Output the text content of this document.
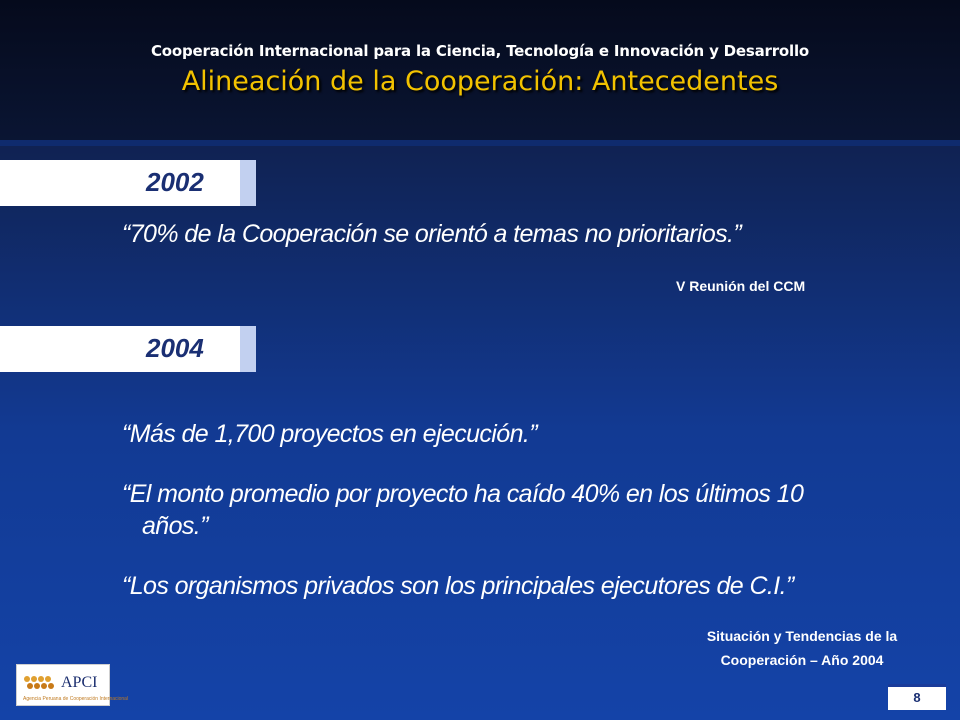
Cooperación Internacional para la Ciencia, Tecnología e Innovación y Desarrollo
Alineación de la Cooperación: Antecedentes
2002
“70% de la Cooperación se orientó a temas no prioritarios.”
V Reunión del CCM
2004
“Más de 1,700 proyectos en ejecución.”
“El monto promedio por proyecto ha caído 40% en los últimos 10
años.”
“Los organismos privados son los principales ejecutores de C.I.”
Situación y Tendencias de la
Cooperación – Año 2004
APCI
Agencia Peruana de Cooperación Internacional	8
